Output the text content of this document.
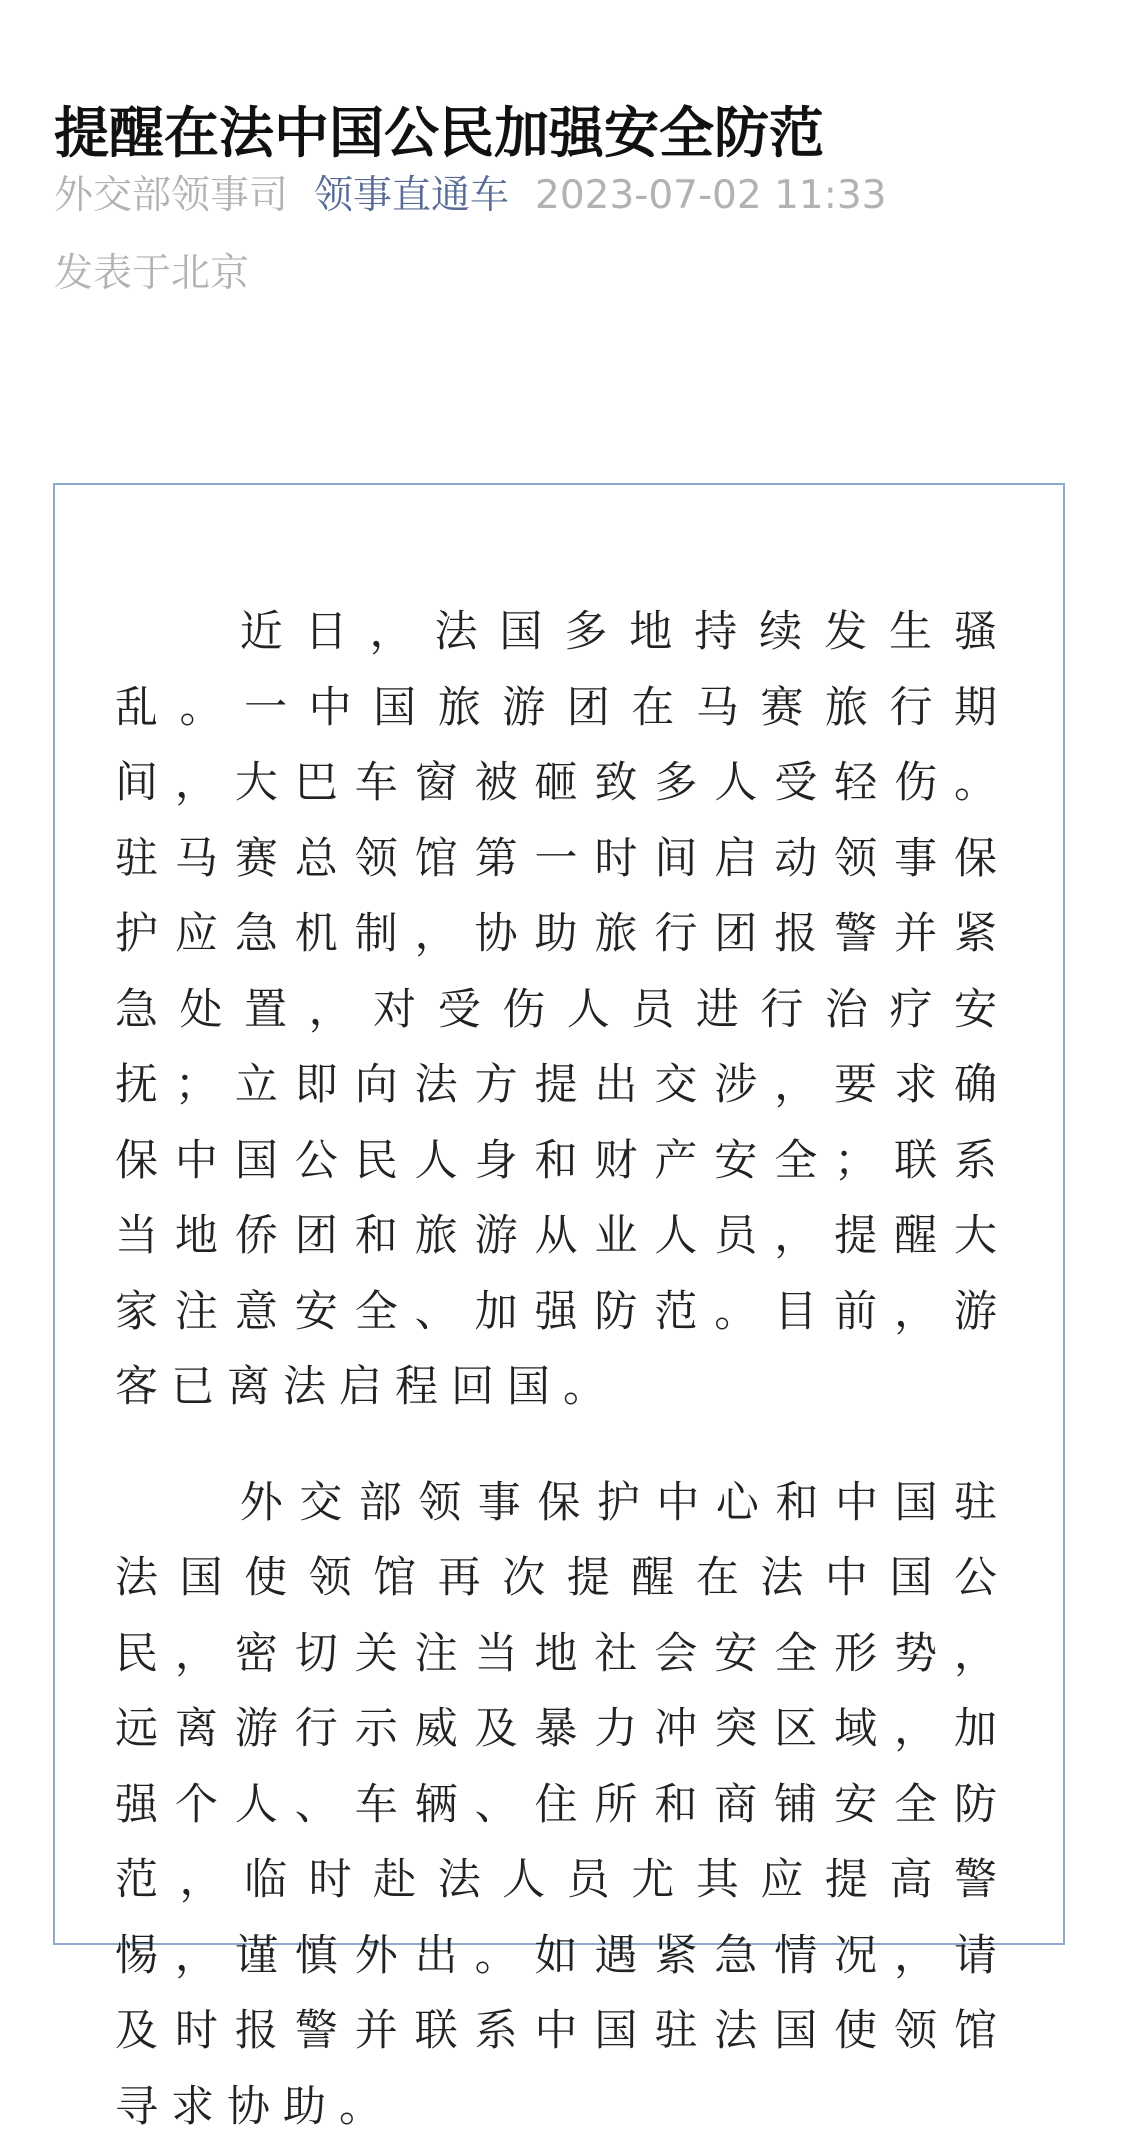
提醒在法中国公民加强安全防范
外交部领事司 领事直通车 2023-07-02 11:33
发表于北京

近日，法国多地持续发生骚乱。一中国旅游团在马赛旅行期间，大巴车窗被砸致多人受轻伤。驻马赛总领馆第一时间启动领事保护应急机制，协助旅行团报警并紧急处置，对受伤人员进行治疗安抚；立即向法方提出交涉，要求确保中国公民人身和财产安全；联系当地侨团和旅游从业人员，提醒大家注意安全、加强防范。目前，游客已离法启程回国。

外交部领事保护中心和中国驻法国使领馆再次提醒在法中国公民，密切关注当地社会安全形势，远离游行示威及暴力冲突区域，加强个人、车辆、住所和商铺安全防范，临时赴法人员尤其应提高警惕，谨慎外出。如遇紧急情况，请及时报警并联系中国驻法国使领馆寻求协助。
